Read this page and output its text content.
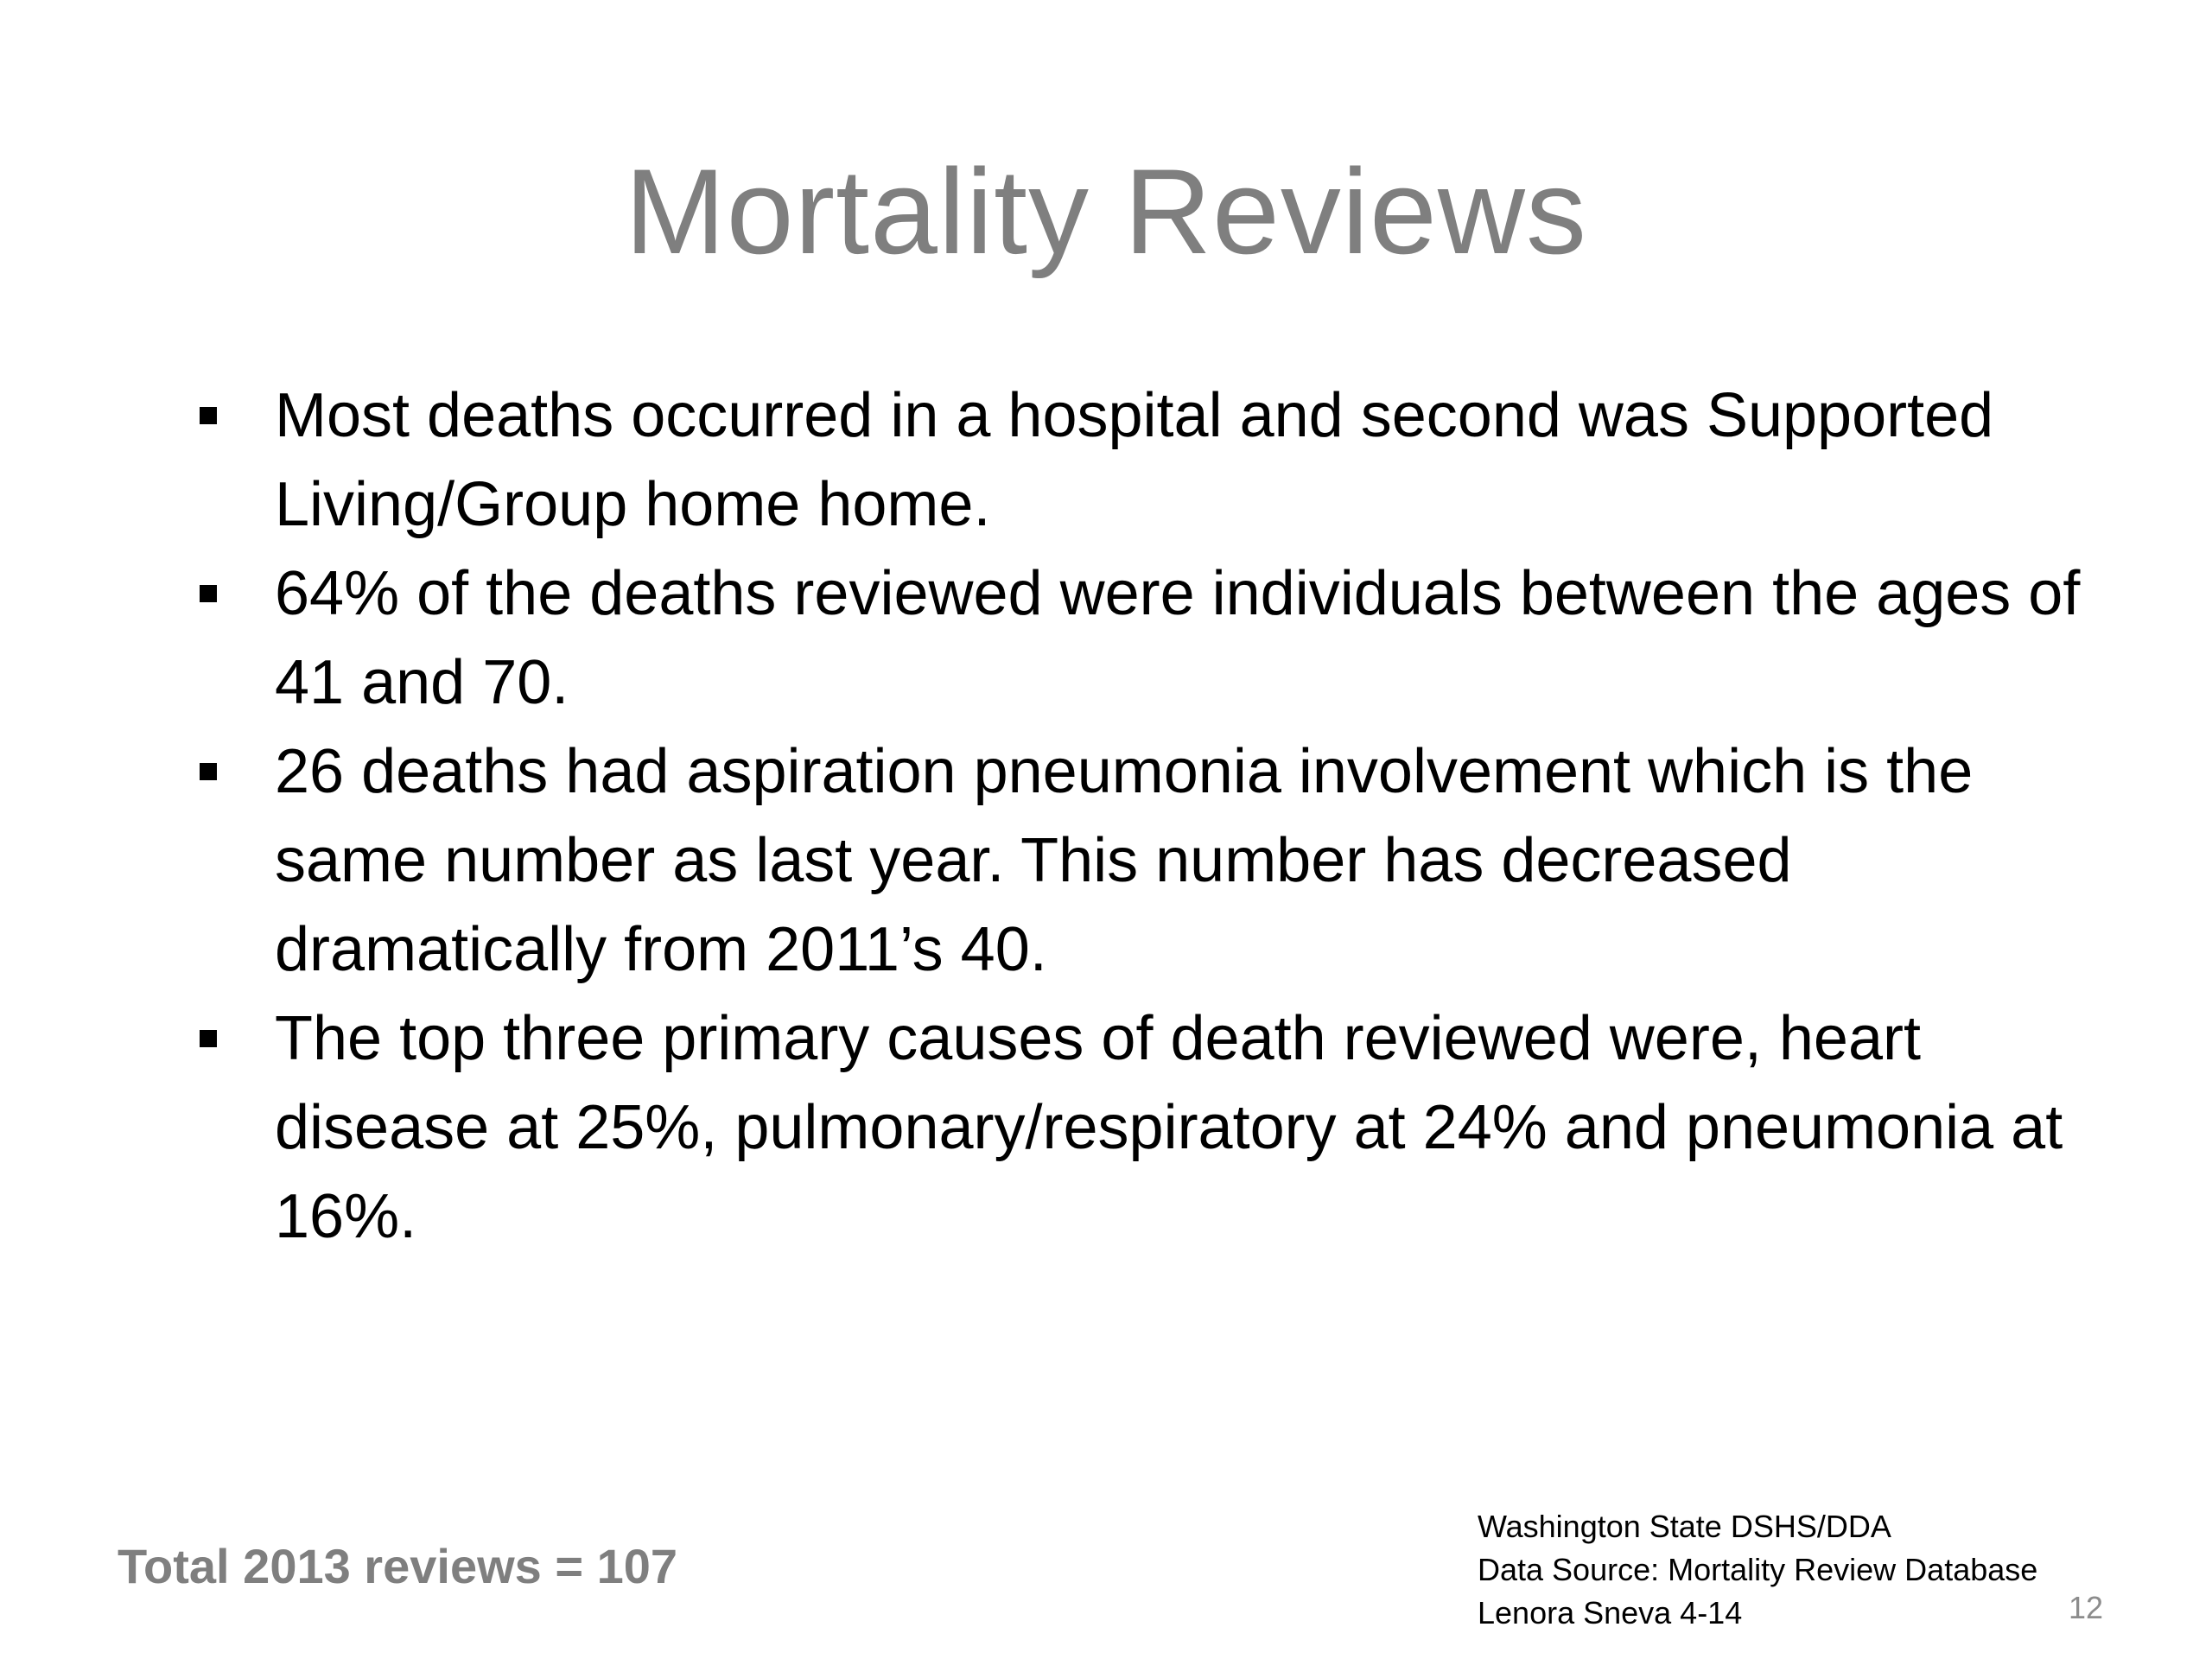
Mortality Reviews
Most deaths occurred in a hospital and second was Supported Living/Group home home.
64% of the deaths reviewed were individuals between the ages of 41 and 70.
26 deaths had aspiration pneumonia involvement which is the same number as last year. This number has decreased dramatically from 2011’s 40.
The top three primary causes of death reviewed were, heart disease at 25%, pulmonary/respiratory at 24% and pneumonia at 16%.
Total 2013 reviews = 107
Washington State DSHS/DDA
Data Source: Mortality Review Database
Lenora Sneva 4-14	12
